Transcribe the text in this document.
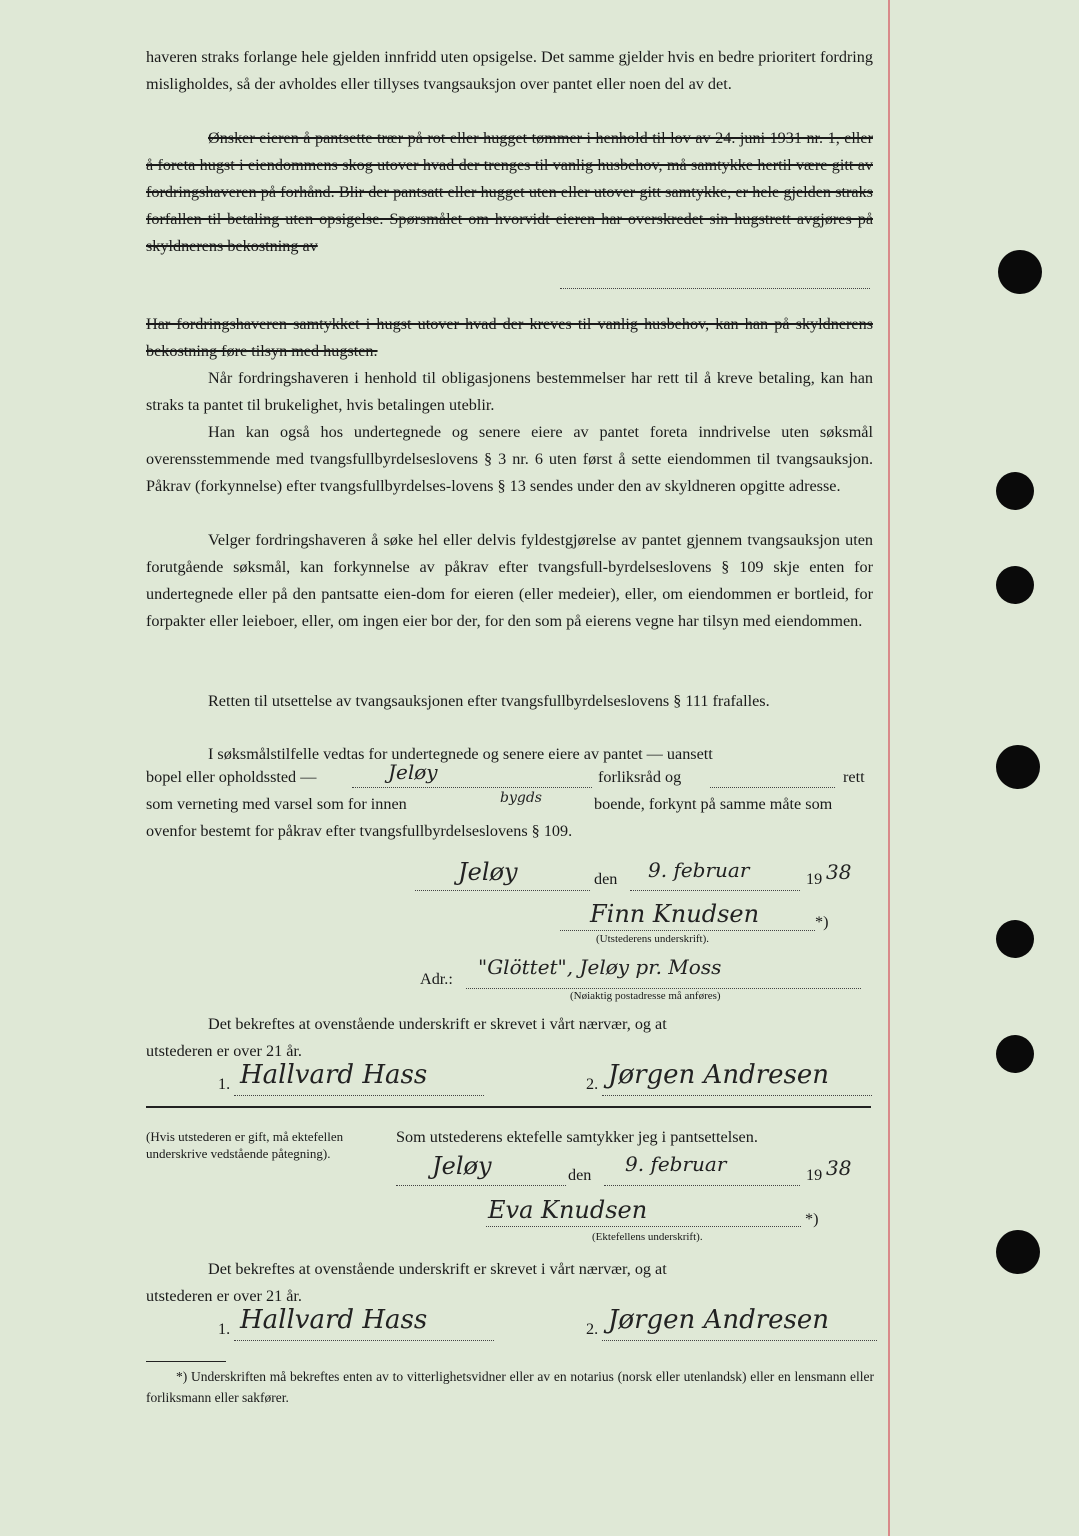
haveren straks forlange hele gjelden innfridd uten opsigelse. Det samme gjelder hvis en bedre prioritert fordring misligholdes, så der avholdes eller tillyses tvangsauksjon over pantet eller noen del av det.
Ønsker eieren å pantsette trær på rot eller hugget tømmer i henhold til lov av 24. juni 1931 nr. 1, eller å foreta hugst i eiendommens skog utover hvad der trenges til vanlig husbehov, må samtykke hertil være gitt av fordringshaveren på forhånd. Blir der pantsatt eller hugget uten eller utover gitt samtykke, er hele gjelden straks forfallen til betaling uten opsigelse. Spørsmålet om hvorvidt eieren har overskredet sin hugstrett avgjøres på skyldnerens bekostning av
Har fordringshaveren samtykket i hugst utover hvad der kreves til vanlig husbehov, kan han på skyldnerens bekostning føre tilsyn med hugsten.
Når fordringshaveren i henhold til obligasjonens bestemmelser har rett til å kreve betaling, kan han straks ta pantet til brukelighet, hvis betalingen uteblir.
Han kan også hos undertegnede og senere eiere av pantet foreta inndrivelse uten søksmål overensstemmende med tvangsfullbyrdelseslovens § 3 nr. 6 uten først å sette eiendommen til tvangsauksjon. Påkrav (forkynnelse) efter tvangsfullbyrdelses-lovens § 13 sendes under den av skyldneren opgitte adresse.
Velger fordringshaveren å søke hel eller delvis fyldestgjørelse av pantet gjennem tvangsauksjon uten forutgående søksmål, kan forkynnelse av påkrav efter tvangsfull-byrdelseslovens § 109 skje enten for undertegnede eller på den pantsatte eien-dom for eieren (eller medeier), eller, om eiendommen er bortleid, for forpakter eller leieboer, eller, om ingen eier bor der, for den som på eierens vegne har tilsyn med eiendommen.
Retten til utsettelse av tvangsauksjonen efter tvangsfullbyrdelseslovens § 111 frafalles.
I søksmålstilfelle vedtas for undertegnede og senere eiere av pantet — uansett
bopel eller opholdssted —	Jeløy	forliksråd og	rett
som verneting med varsel som for innen	bygds	boende, forkynt på samme måte som
ovenfor bestemt for påkrav efter tvangsfullbyrdelseslovens § 109.
Jeløy	den 9. februar	19 38
Finn Knudsen	*)
(Utstederens underskrift).
Adr.: "Glöttet", Jeløy pr. Moss
(Nøiaktig postadresse må anføres)
Det bekreftes at ovenstående underskrift er skrevet i vårt nærvær, og at
utstederen er over 21 år.
1. Hallvard Hass	2. Jørgen Andresen
(Hvis utstederen er gift, må ektefellen underskrive vedstående påtegning).
Som utstederens ektefelle samtykker jeg i pantsettelsen.
Jeløy	den 9. februar	19 38
Eva Knudsen	*)
(Ektefellens underskrift).
Det bekreftes at ovenstående underskrift er skrevet i vårt nærvær, og at
utstederen er over 21 år.
1. Hallvard Hass	2. Jørgen Andresen
*) Underskriften må bekreftes enten av to vitterlighetsvidner eller av en notarius (norsk eller utenlandsk) eller en lensmann eller forliksmann eller sakfører.
